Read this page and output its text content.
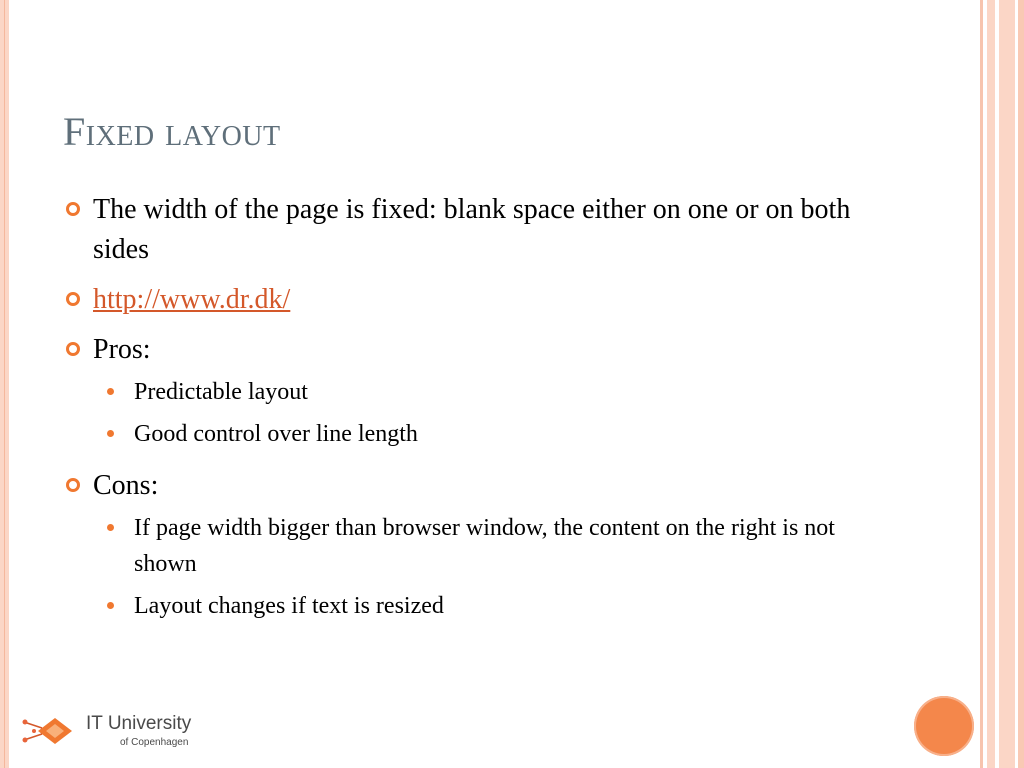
Fixed layout
The width of the page is fixed: blank space either on one or on both sides
http://www.dr.dk/
Pros:
Predictable layout
Good control over line length
Cons:
If page width bigger than browser window, the content on the right is not shown
Layout changes if text is resized
IT University
of Copenhagen
